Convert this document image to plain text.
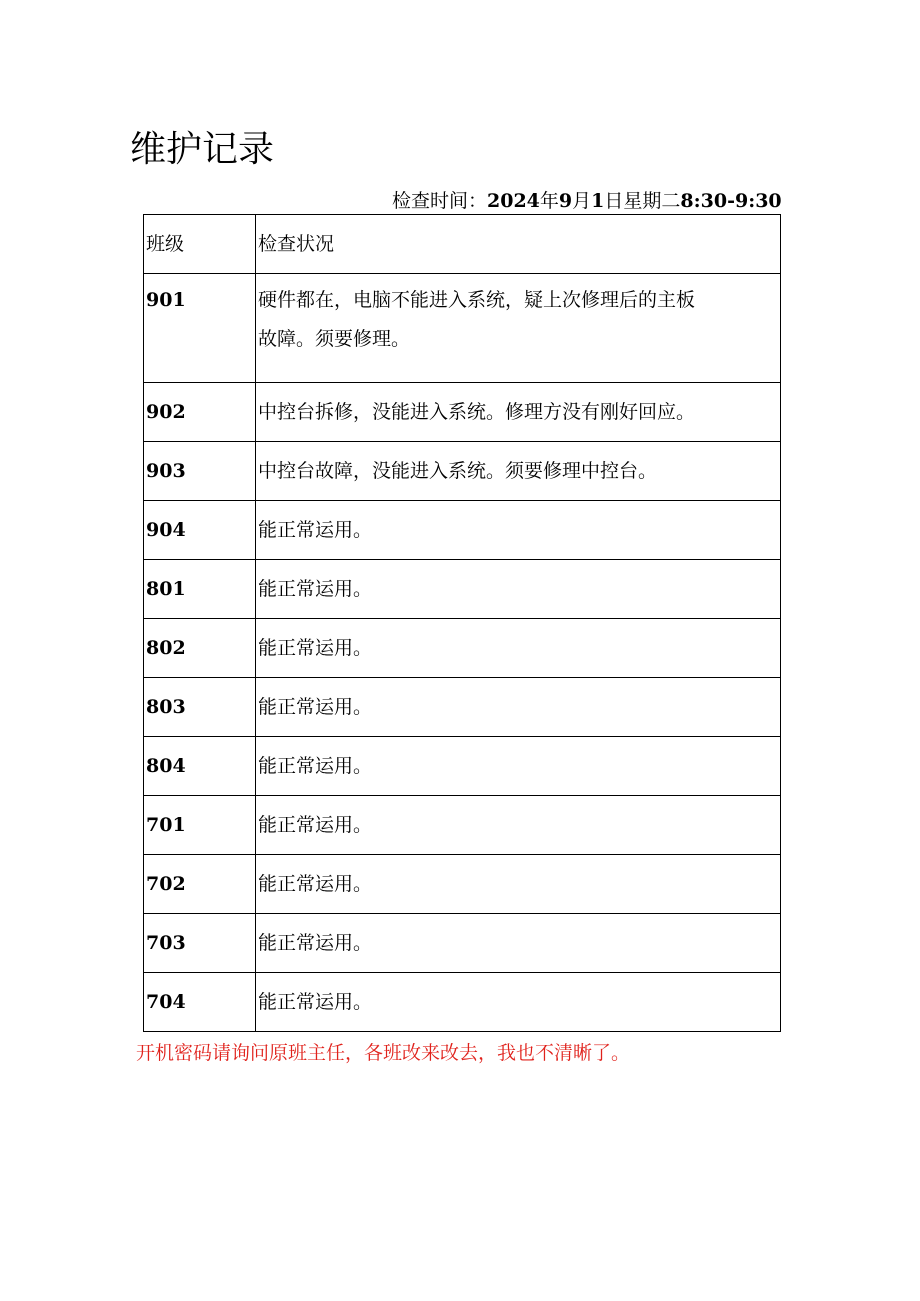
维护记录
检查时间：2024年9月1日星期二8:30-9:30
班级	检查状况
901	硬件都在，电脑不能进入系统，疑上次修理后的主板
故障。须要修理。

902	中控台拆修，没能进入系统。修理方没有刚好回应。
903	中控台故障，没能进入系统。须要修理中控台。
904	能正常运用。
801	能正常运用。
802	能正常运用。
803	能正常运用。
804	能正常运用。
701	能正常运用。
702	能正常运用。
703	能正常运用。
704	能正常运用。
开机密码请询问原班主任，各班改来改去，我也不清晰了。
